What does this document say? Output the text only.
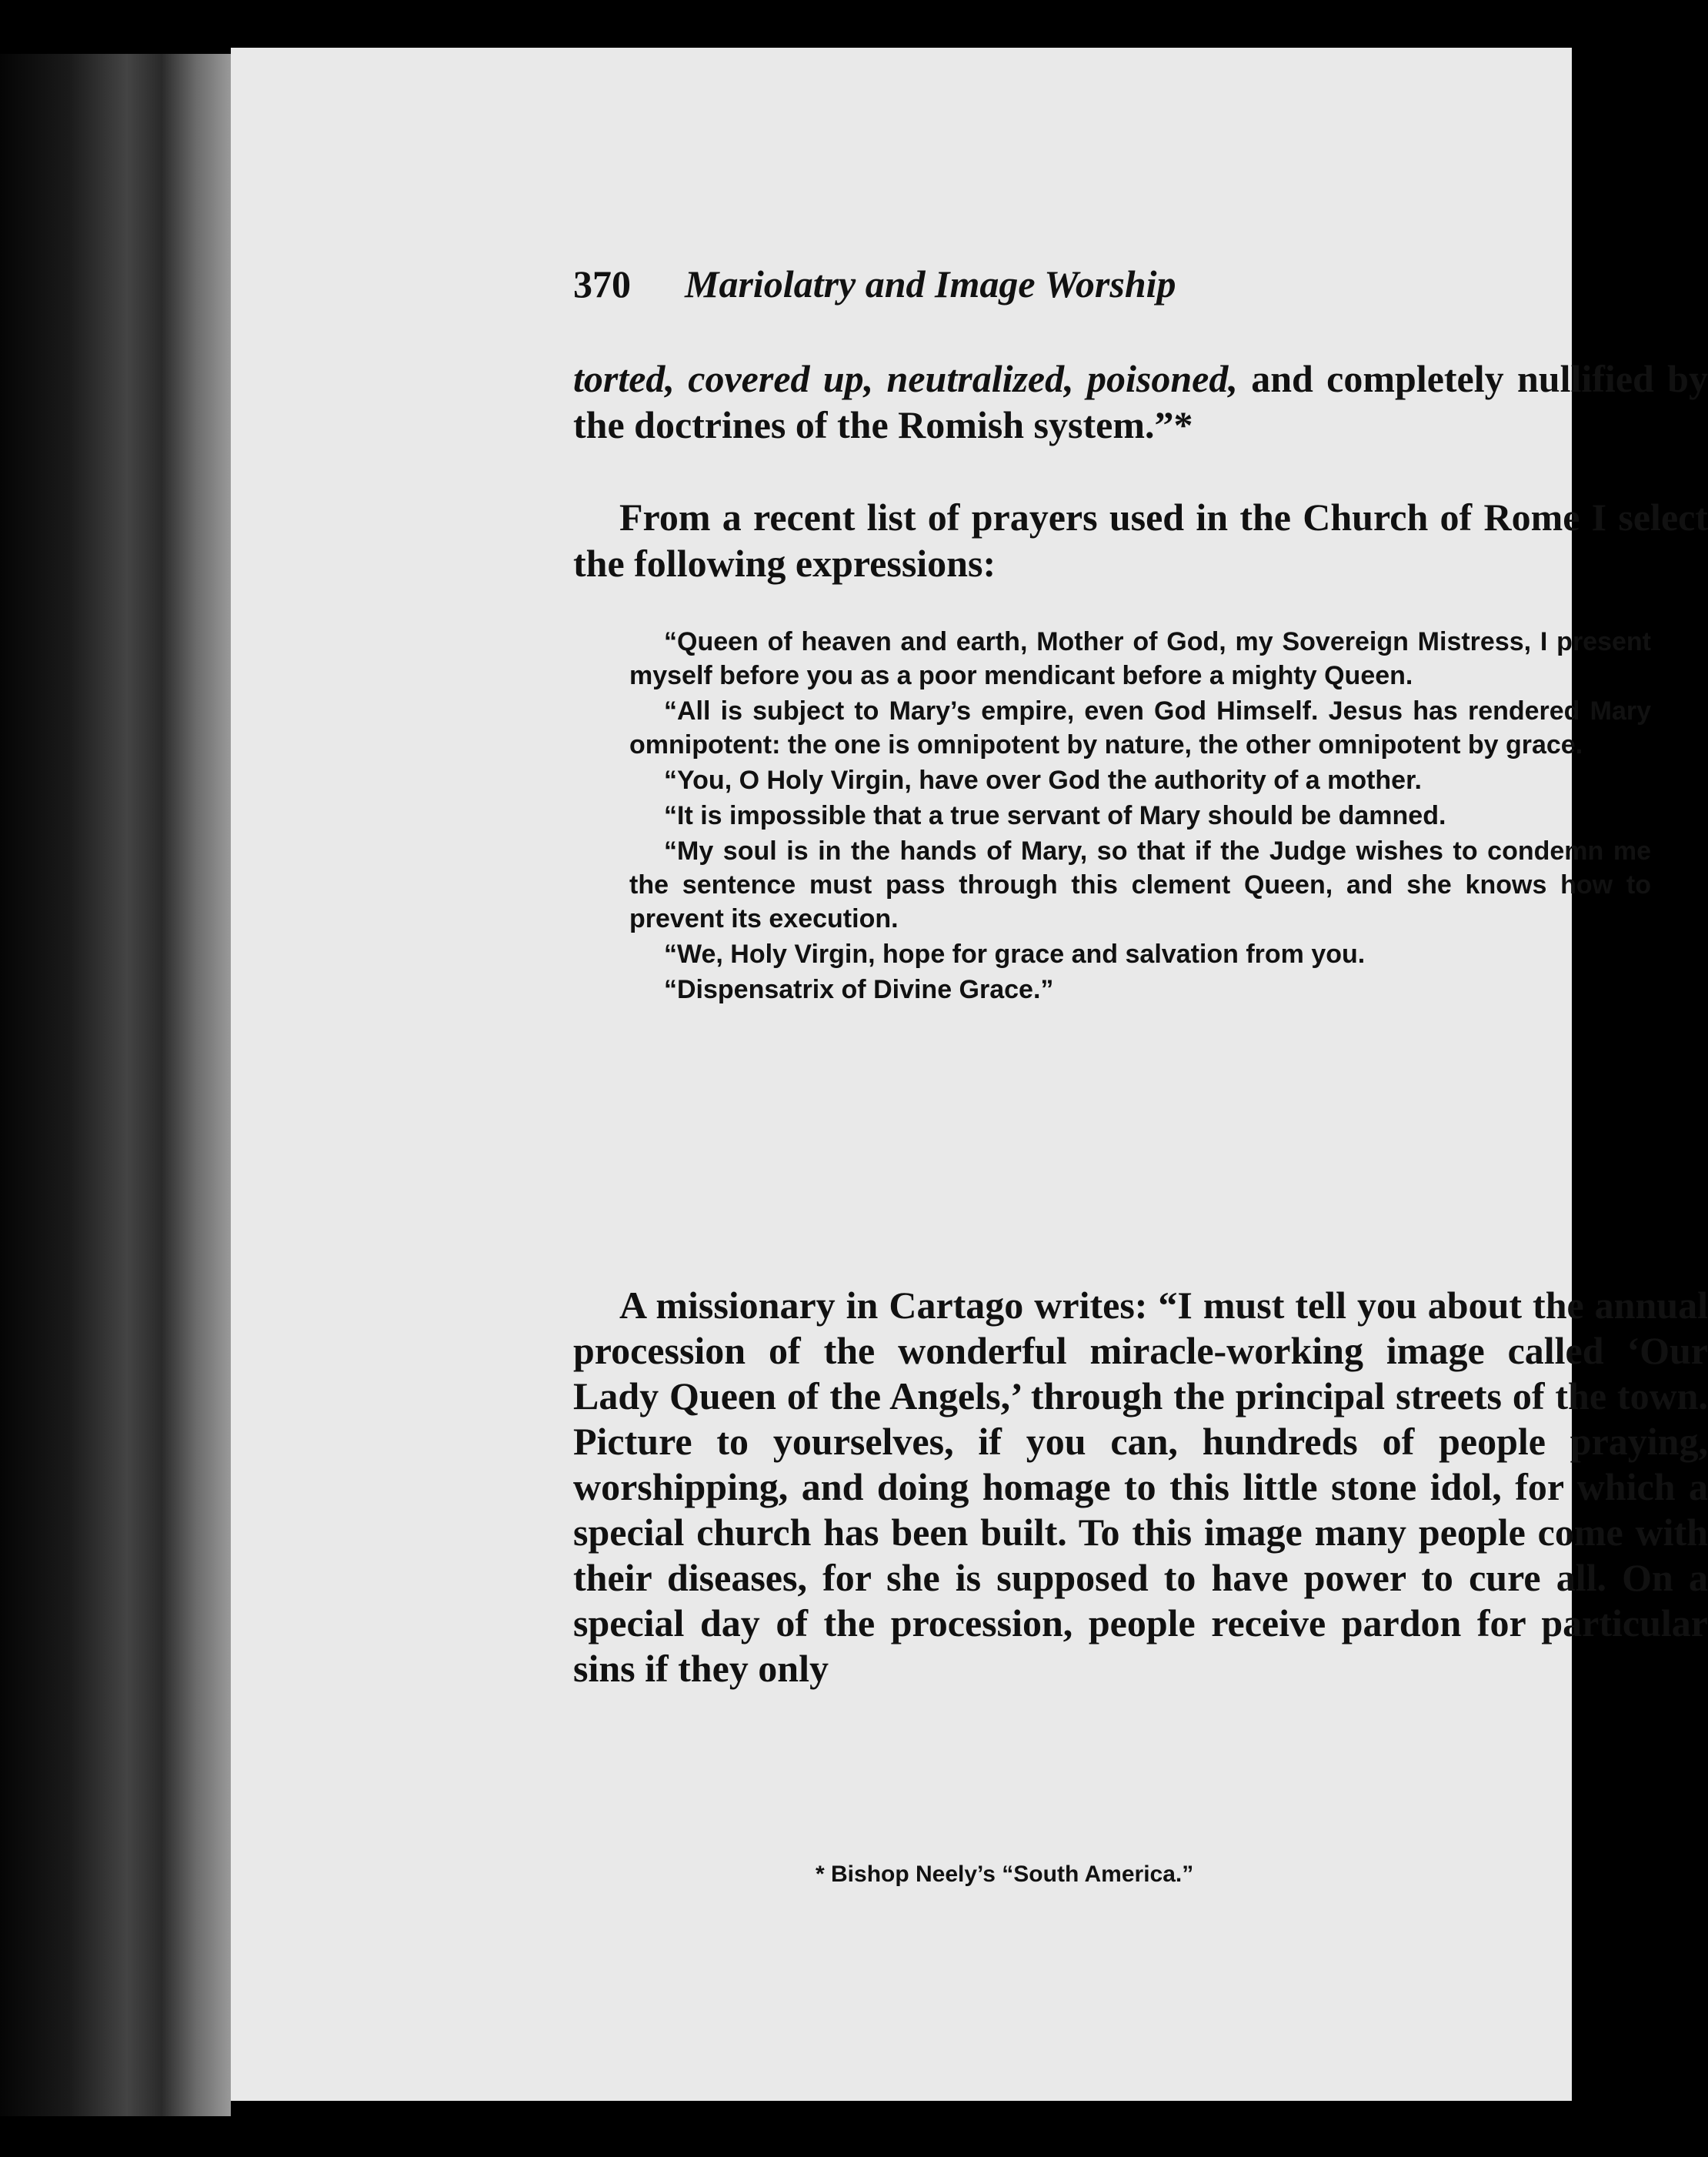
370 Mariolatry and Image Worship

torted, covered up, neutralized, poisoned, and completely nullified by the doctrines of the Romish system.”*

From a recent list of prayers used in the Church of Rome I select the following expressions:

“Queen of heaven and earth, Mother of God, my Sovereign Mistress, I present myself before you as a poor mendicant before a mighty Queen.
“All is subject to Mary’s empire, even God Himself. Jesus has rendered Mary omnipotent: the one is omnipotent by nature, the other omnipotent by grace.
“You, O Holy Virgin, have over God the authority of a mother.
“It is impossible that a true servant of Mary should be damned.
“My soul is in the hands of Mary, so that if the Judge wishes to condemn me the sentence must pass through this clement Queen, and she knows how to prevent its execution.
“We, Holy Virgin, hope for grace and salvation from you.
“Dispensatrix of Divine Grace.”

A missionary in Cartago writes: “I must tell you about the annual procession of the wonderful miracle-working image called ‘Our Lady Queen of the Angels,’ through the principal streets of the town. Picture to yourselves, if you can, hundreds of people praying, worshipping, and doing homage to this little stone idol, for which a special church has been built. To this image many people come with their diseases, for she is supposed to have power to cure all. On a special day of the procession, people receive pardon for particular sins if they only

* Bishop Neely’s “South America.”
